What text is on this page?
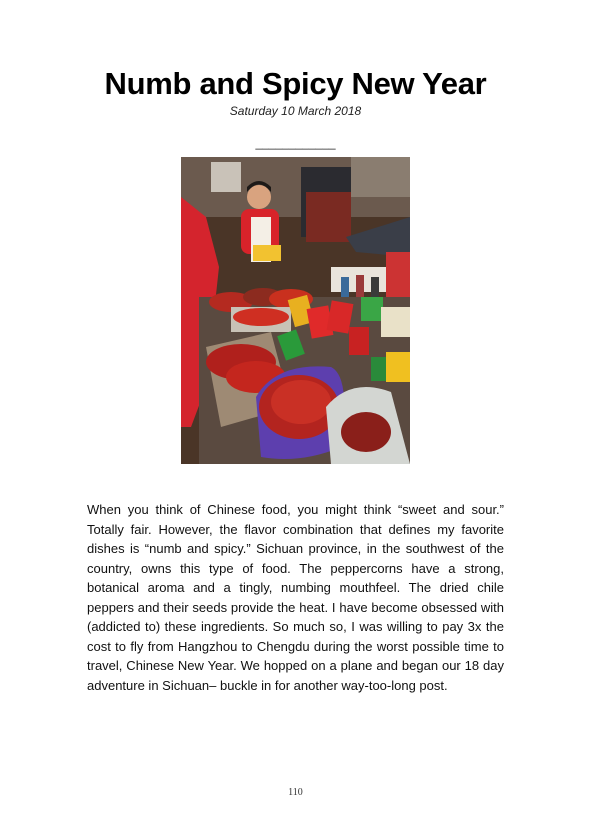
Numb and Spicy New Year
Saturday 10 March 2018
____________

When you think of Chinese food, you might think “sweet and sour.” Totally fair. However, the flavor combination that defines my favorite dishes is “numb and spicy.” Sichuan province, in the southwest of the country, owns this type of food. The peppercorns have a strong, botanical aroma and a tingly, numbing mouthfeel. The dried chile peppers and their seeds provide the heat. I have become obsessed with (addicted to) these ingredients. So much so, I was willing to pay 3x the cost to fly from Hangzhou to Chengdu during the worst possible time to travel, Chinese New Year. We hopped on a plane and began our 18 day adventure in Sichuan– buckle in for another way-too-long post.

110
